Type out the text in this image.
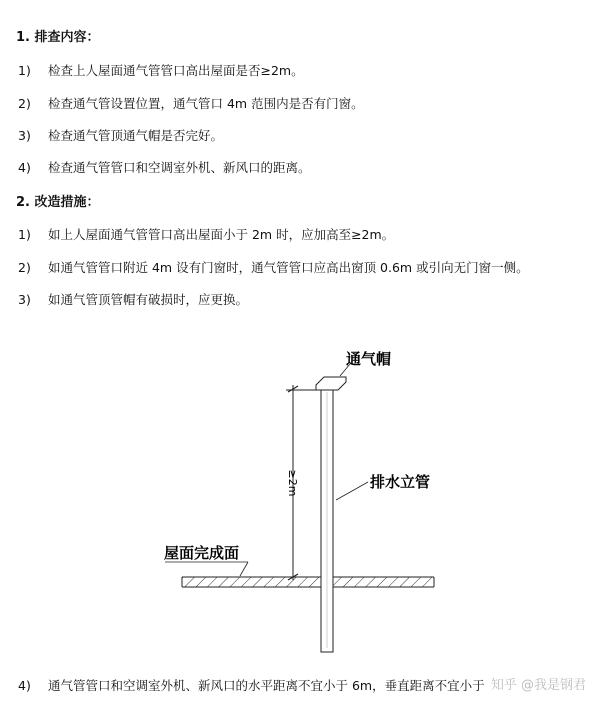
1. 排查内容：
1) 检查上人屋面通气管管口高出屋面是否≥2m。
2) 检查通气管设置位置，通气管口 4m 范围内是否有门窗。
3) 检查通气管顶通气帽是否完好。
4) 检查通气管管口和空调室外机、新风口的距离。
2. 改造措施：
1) 如上人屋面通气管管口高出屋面小于 2m 时，应加高至≥2m。
2) 如通气管管口附近 4m 设有门窗时，通气管管口应高出窗顶 0.6m 或引向无门窗一侧。
3) 如通气管顶管帽有破损时，应更换。
≥2m
通气帽
排水立管
屋面完成面
4) 通气管管口和空调室外机、新风口的水平距离不宜小于 6m，垂直距离不宜小于 知乎 @我是钢君
